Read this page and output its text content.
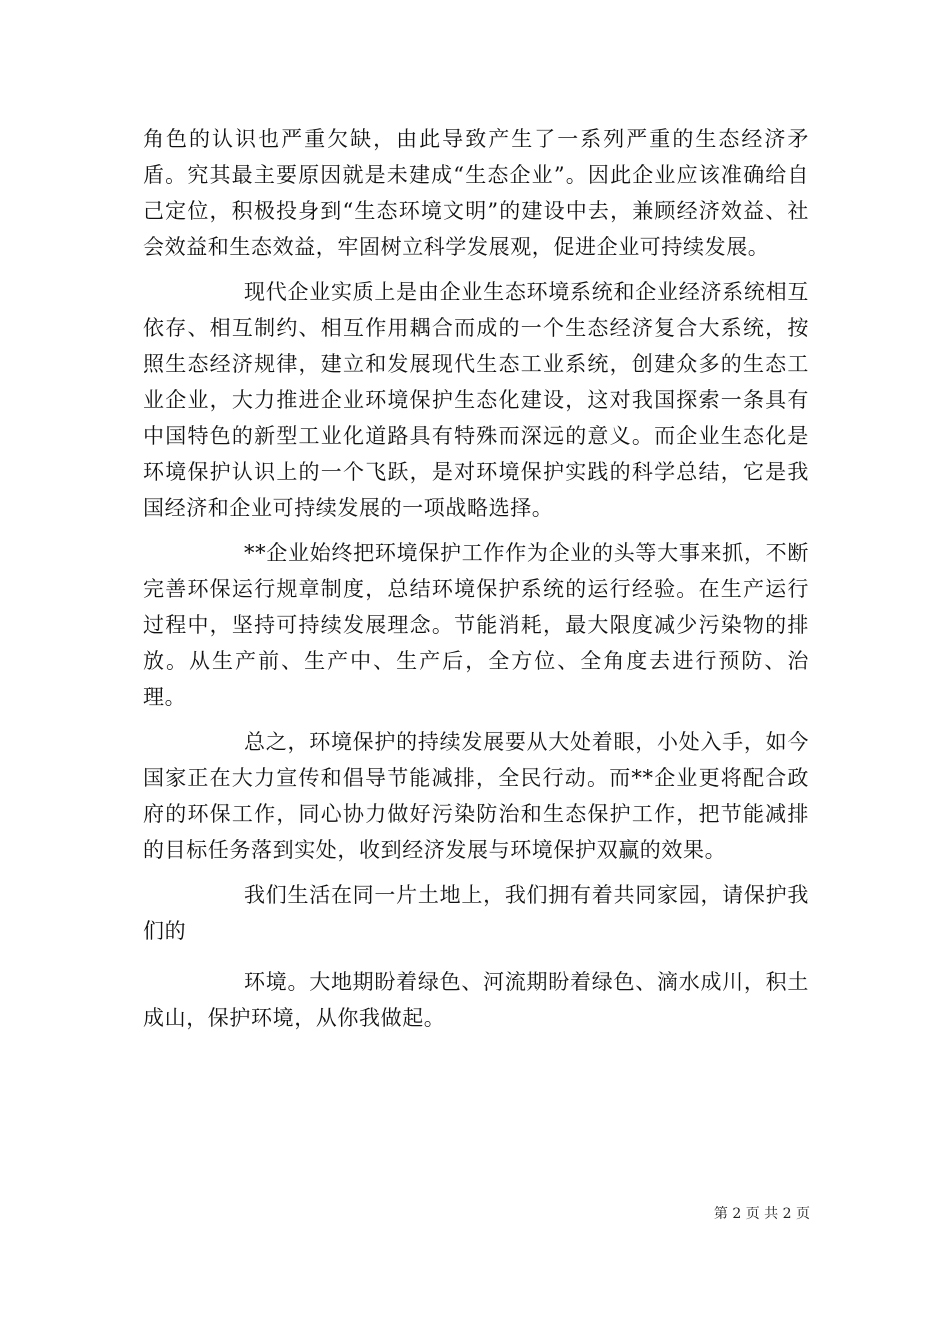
角色的认识也严重欠缺，由此导致产生了一系列严重的生态经济矛盾。究其最主要原因就是未建成“生态企业”。因此企业应该准确给自己定位，积极投身到“生态环境文明”的建设中去，兼顾经济效益、社会效益和生态效益，牢固树立科学发展观，促进企业可持续发展。

现代企业实质上是由企业生态环境系统和企业经济系统相互依存、相互制约、相互作用耦合而成的一个生态经济复合大系统，按照生态经济规律，建立和发展现代生态工业系统，创建众多的生态工业企业，大力推进企业环境保护生态化建设，这对我国探索一条具有中国特色的新型工业化道路具有特殊而深远的意义。而企业生态化是环境保护认识上的一个飞跃，是对环境保护实践的科学总结，它是我国经济和企业可持续发展的一项战略选择。

**企业始终把环境保护工作作为企业的头等大事来抓，不断完善环保运行规章制度，总结环境保护系统的运行经验。在生产运行过程中，坚持可持续发展理念。节能消耗，最大限度减少污染物的排放。从生产前、生产中、生产后，全方位、全角度去进行预防、治理。

总之，环境保护的持续发展要从大处着眼，小处入手，如今国家正在大力宣传和倡导节能减排，全民行动。而**企业更将配合政府的环保工作，同心协力做好污染防治和生态保护工作，把节能减排的目标任务落到实处，收到经济发展与环境保护双赢的效果。

我们生活在同一片土地上，我们拥有着共同家园，请保护我们的

环境。大地期盼着绿色、河流期盼着绿色、滴水成川，积土成山，保护环境，从你我做起。

第 2 页 共 2 页
